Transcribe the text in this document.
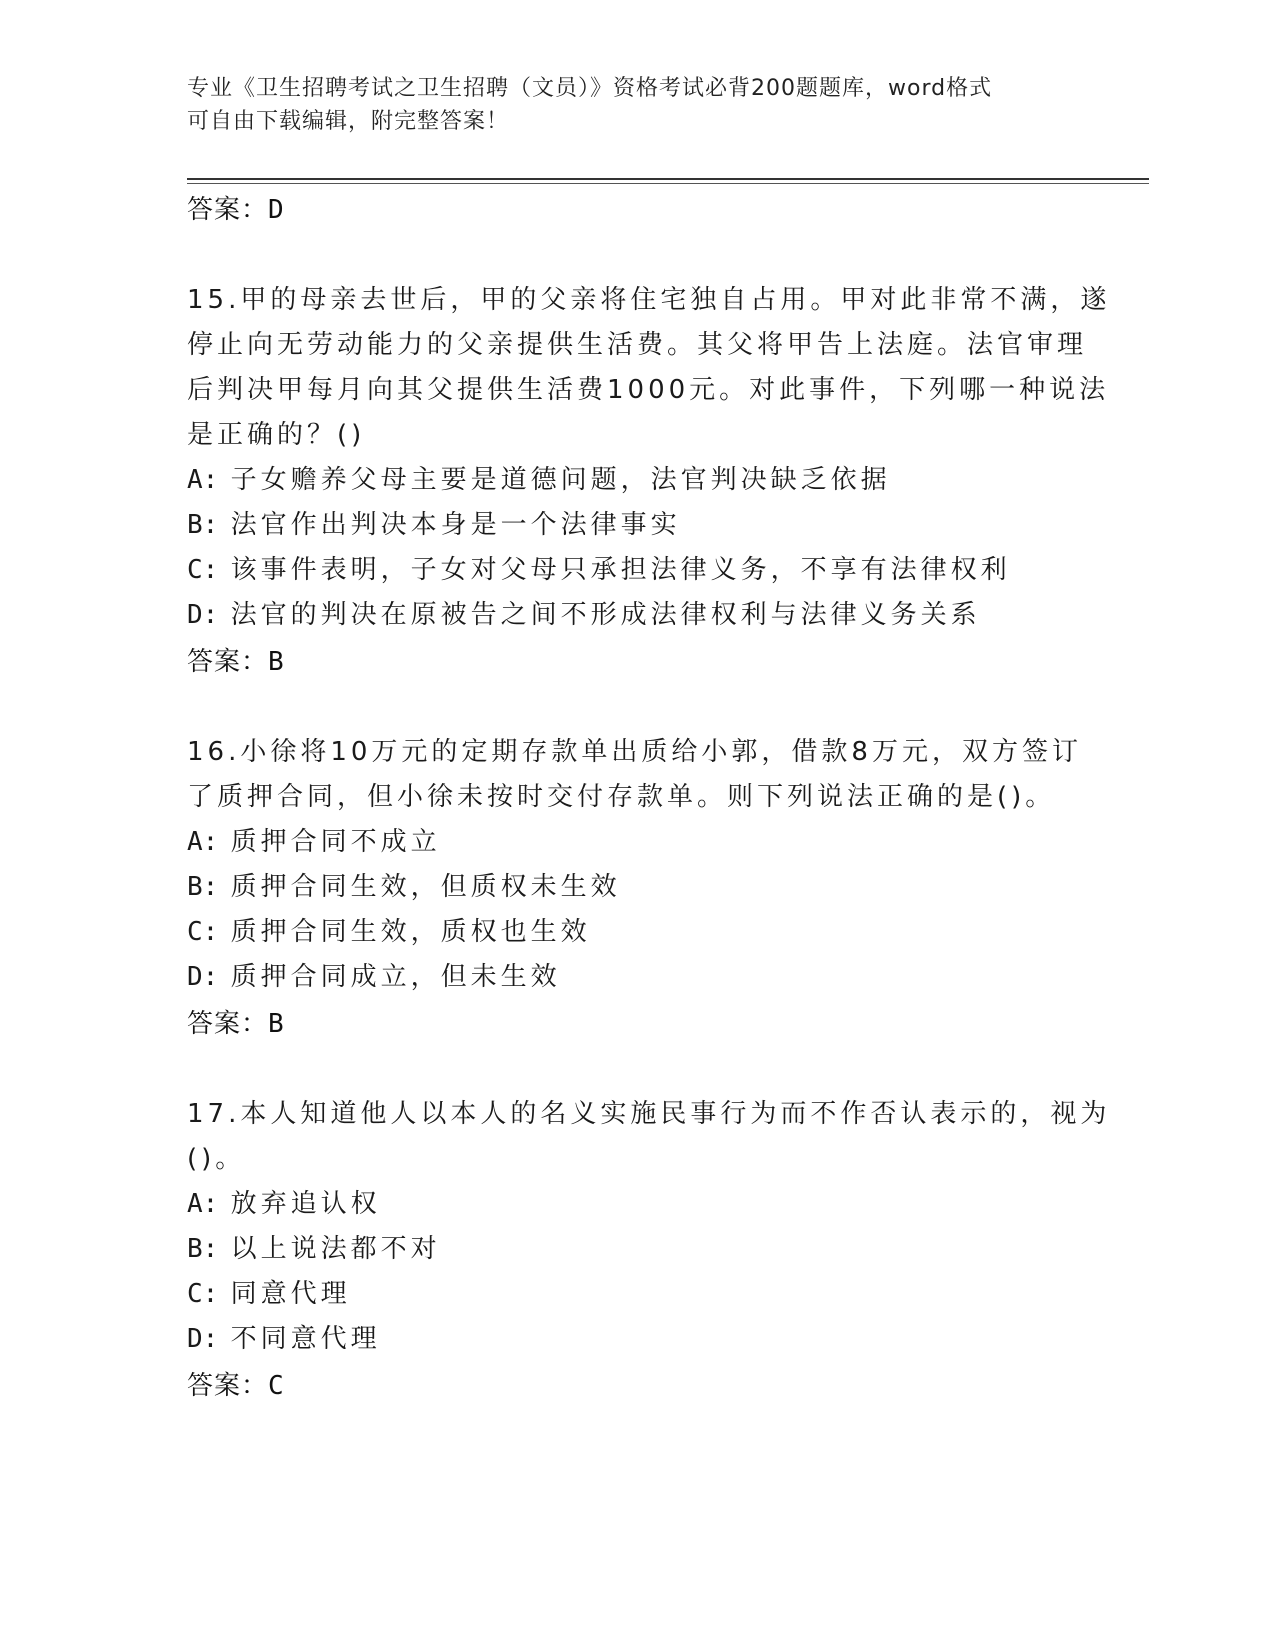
专业《卫生招聘考试之卫生招聘（文员）》资格考试必背200题题库，word格式

可自由下载编辑，附完整答案！

答案：D
15.甲的母亲去世后，甲的父亲将住宅独自占用。甲对此非常不满，遂
停止向无劳动能力的父亲提供生活费。其父将甲告上法庭。法官审理
后判决甲每月向其父提供生活费1000元。对此事件，下列哪一种说法
是正确的？()
A: 子女赡养父母主要是道德问题，法官判决缺乏依据
B: 法官作出判决本身是一个法律事实
C: 该事件表明，子女对父母只承担法律义务，不享有法律权利
D: 法官的判决在原被告之间不形成法律权利与法律义务关系
答案：B
16.小徐将10万元的定期存款单出质给小郭，借款8万元，双方签订
了质押合同，但小徐未按时交付存款单。则下列说法正确的是()。
A: 质押合同不成立
B: 质押合同生效，但质权未生效
C: 质押合同生效，质权也生效
D: 质押合同成立，但未生效
答案：B
17.本人知道他人以本人的名义实施民事行为而不作否认表示的，视为
()。
A: 放弃追认权
B: 以上说法都不对
C: 同意代理
D: 不同意代理
答案：C
